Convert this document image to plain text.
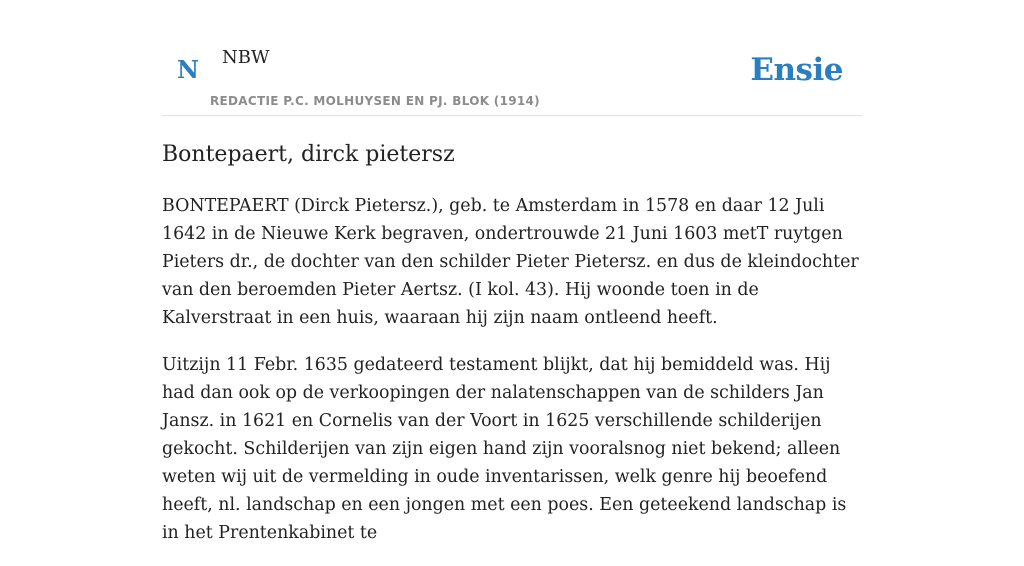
N NBW
REDACTIE P.C. MOLHUYSEN EN PJ. BLOK (1914)
Ensie
Bontepaert, dirck pietersz

BONTEPAERT (Dirck Pietersz.), geb. te Amsterdam in 1578 en daar 12 Juli 1642 in de Nieuwe Kerk begraven, ondertrouwde 21 Juni 1603 metT ruytgen Pieters dr., de dochter van den schilder Pieter Pietersz. en dus de kleindochter van den beroemden Pieter Aertsz. (I kol. 43). Hij woonde toen in de Kalverstraat in een huis, waaraan hij zijn naam ontleend heeft.

Uitzijn 11 Febr. 1635 gedateerd testament blijkt, dat hij bemiddeld was. Hij had dan ook op de verkoopingen der nalatenschappen van de schilders Jan Jansz. in 1621 en Cornelis van der Voort in 1625 verschillende schilderijen gekocht. Schilderijen van zijn eigen hand zijn vooralsnog niet bekend; alleen weten wij uit de vermelding in oude inventarissen, welk genre hij beoefend heeft, nl. landschap en een jongen met een poes. Een geteekend landschap is in het Prentenkabinet te
